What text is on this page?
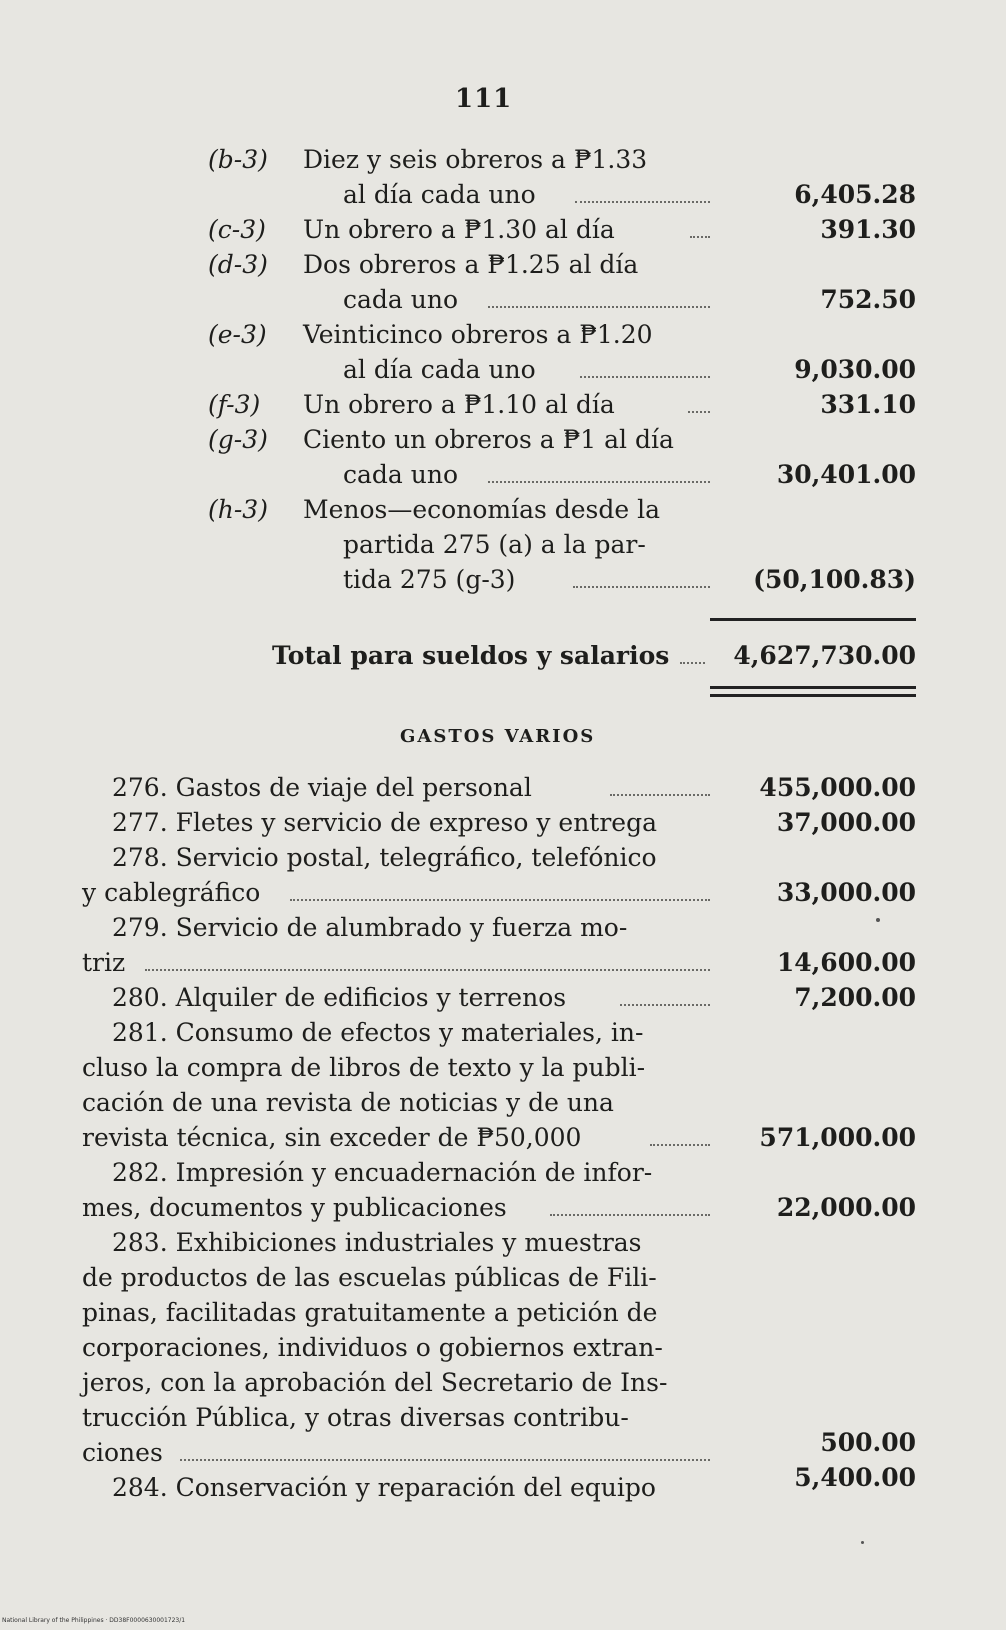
111
(b-3) Diez y seis obreros a ₱1.33
al día cada uno	6,405.28
(c-3) Un obrero a ₱1.30 al día	391.30
(d-3) Dos obreros a ₱1.25 al día
cada uno	752.50
(e-3) Veinticinco obreros a ₱1.20
al día cada uno	9,030.00
(f-3) Un obrero a ₱1.10 al día	331.10
(g-3) Ciento un obreros a ₱1 al día
cada uno	30,401.00
(h-3) Menos—economías desde la
partida 275 (a) a la par-
tida 275 (g-3)	(50,100.83)
Total para sueldos y salarios	4,627,730.00
GASTOS VARIOS
276. Gastos de viaje del personal	455,000.00
277. Fletes y servicio de expreso y entrega	37,000.00
278. Servicio postal, telegráfico, telefónico
y cablegráfico	33,000.00
279. Servicio de alumbrado y fuerza mo-
triz	14,600.00
280. Alquiler de edificios y terrenos	7,200.00
281. Consumo de efectos y materiales, in-
cluso la compra de libros de texto y la publi-
cación de una revista de noticias y de una
revista técnica, sin exceder de ₱50,000	571,000.00
282. Impresión y encuadernación de infor-
mes, documentos y publicaciones	22,000.00
283. Exhibiciones industriales y muestras
de productos de las escuelas públicas de Fili-
pinas, facilitadas gratuitamente a petición de
corporaciones, individuos o gobiernos extran-
jeros, con la aprobación del Secretario de Ins-
trucción Pública, y otras diversas contribu-
ciones	500.00
284. Conservación y reparación del equipo	5,400.00
National Library of the Philippines · DD38F0000630001723/1
